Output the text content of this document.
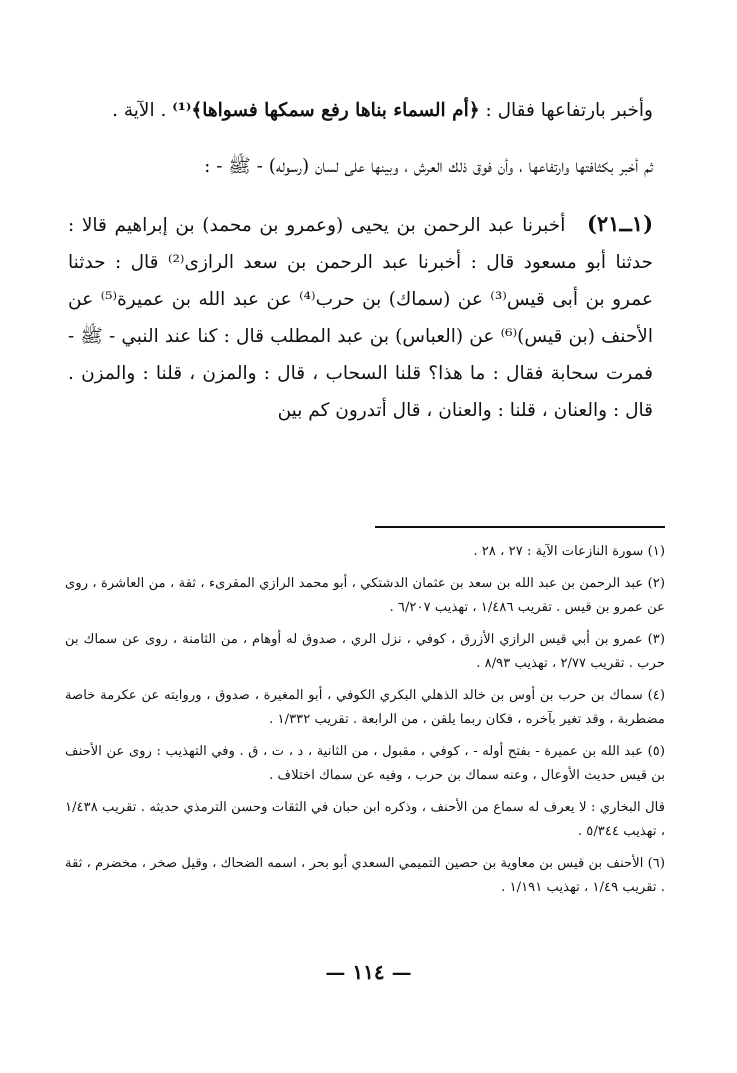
وأخبر بارتفاعها فقال : ﴿أم السماء بناها رفع سمكها فسواها﴾⁽¹⁾ . الآية .

ثم أخبر بكثافتها وارتفاعها ، وأن فوق ذلك العرش ، وبينها على لسان (رسوله) - ﷺ - :

(١ــ٢١) أخبرنا عبد الرحمن بن يحيى (وعمرو بن محمد) بن إبراهيم قالا : حدثنا أبو مسعود قال : أخبرنا عبد الرحمن بن سعد الرازى⁽²⁾ قال : حدثنا عمرو بن أبى قيس⁽³⁾ عن (سماك) بن حرب⁽⁴⁾ عن عبد الله بن عميرة⁽⁵⁾ عن الأحنف (بن قيس)⁽⁶⁾ عن (العباس) بن عبد المطلب قال : كنا عند النبي - ﷺ - فمرت سحابة فقال : ما هذا؟ قلنا السحاب ، قال : والمزن ، قلنا : والمزن . قال : والعنان ، قلنا : والعنان ، قال أتدرون كم بين

(١) سورة النازعات الآية : ٢٧ ، ٢٨ .

(٢) عبد الرحمن بن عبد الله بن سعد بن عثمان الدشتكي ، أبو محمد الرازي المقرىء ، ثقة ، من العاشرة ، روى عن عمرو بن قيس . تقريب ١/٤٨٦ ، تهذيب ٦/٢٠٧ .

(٣) عمرو بن أبي قيس الرازي الأزرق ، كوفي ، نزل الري ، صدوق له أوهام ، من الثامنة ، روى عن سماك بن حرب . تقريب ٢/٧٧ ، تهذيب ٨/٩٣ .

(٤) سماك بن حرب بن أوس بن خالد الذهلي البكري الكوفي ، أبو المغيرة ، صدوق ، وروايته عن عكرمة خاصة مضطربة ، وقد تغير بآخره ، فكان ربما يلقن ، من الرابعة . تقريب ١/٣٣٢ .

(٥) عبد الله بن عميرة - بفتح أوله - ، كوفي ، مقبول ، من الثانية ، د ، ت ، ق . وفي التهذيب : روى عن الأحنف بن قيس حديث الأوعال ، وعنه سماك بن حرب ، وفيه عن سماك اختلاف .

قال البخاري : لا يعرف له سماع من الأحنف ، وذكره ابن حبان في الثقات وحسن الترمذي حديثه . تقريب ١/٤٣٨ ، تهذيب ٥/٣٤٤ .

(٦) الأحنف بن قيس بن معاوية بن حصين التميمي السعدي أبو بحر ، اسمه الضحاك ، وقيل صخر ، مخضرم ، ثقة . تقريب ١/٤٩ ، تهذيب ١/١٩١ .

— ١١٤ —
